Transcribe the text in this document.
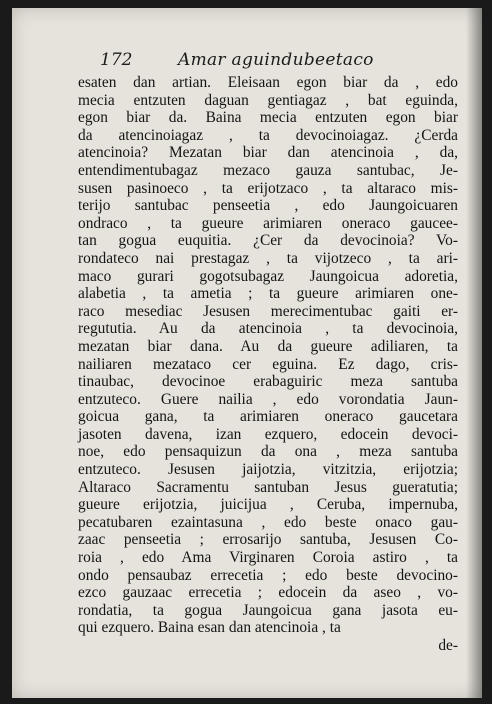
172	Amar aguindubeetaco
esaten dan artian. Eleisaan egon biar da , edo
mecia entzuten daguan gentiagaz , bat eguinda,
egon biar da. Baina mecia entzuten egon biar
da atencinoiagaz , ta devocinoiagaz. ¿Cerda
atencinoia? Mezatan biar dan atencinoia , da,
entendimentubagaz mezaco gauza santubac, Je-
susen pasinoeco , ta erijotzaco , ta altaraco mis-
terijo santubac penseetia , edo Jaungoicuaren
ondraco , ta gueure arimiaren oneraco gaucee-
tan gogua euquitia. ¿Cer da devocinoia? Vo-
rondateco nai prestagaz , ta vijotzeco , ta ari-
maco gurari gogotsubagaz Jaungoicua adoretia,
alabetia , ta ametia ; ta gueure arimiaren one-
raco mesediac Jesusen merecimentubac gaiti er-
regututia. Au da atencinoia , ta devocinoia,
mezatan biar dana. Au da gueure adiliaren, ta
nailiaren mezataco cer eguina. Ez dago, cris-
tinaubac, devocinoe erabaguiric meza santuba
entzuteco. Guere nailia , edo vorondatia Jaun-
goicua gana, ta arimiaren oneraco gaucetara
jasoten davena, izan ezquero, edocein devoci-
noe, edo pensaquizun da ona , meza santuba
entzuteco. Jesusen jaijotzia, vitzitzia, erijotzia;
Altaraco Sacramentu santuban Jesus gueratutia;
gueure erijotzia, juicijua , Ceruba, impernuba,
pecatubaren ezaintasuna , edo beste onaco gau-
zaac penseetia ; errosarijo santuba, Jesusen Co-
roia , edo Ama Virginaren Coroia astiro , ta
ondo pensaubaz errecetia ; edo beste devocino-
ezco gauzaac errecetia ; edocein da aseo , vo-
rondatia, ta gogua Jaungoicua gana jasota eu-
qui ezquero. Baina esan dan atencinoia , ta
de-
